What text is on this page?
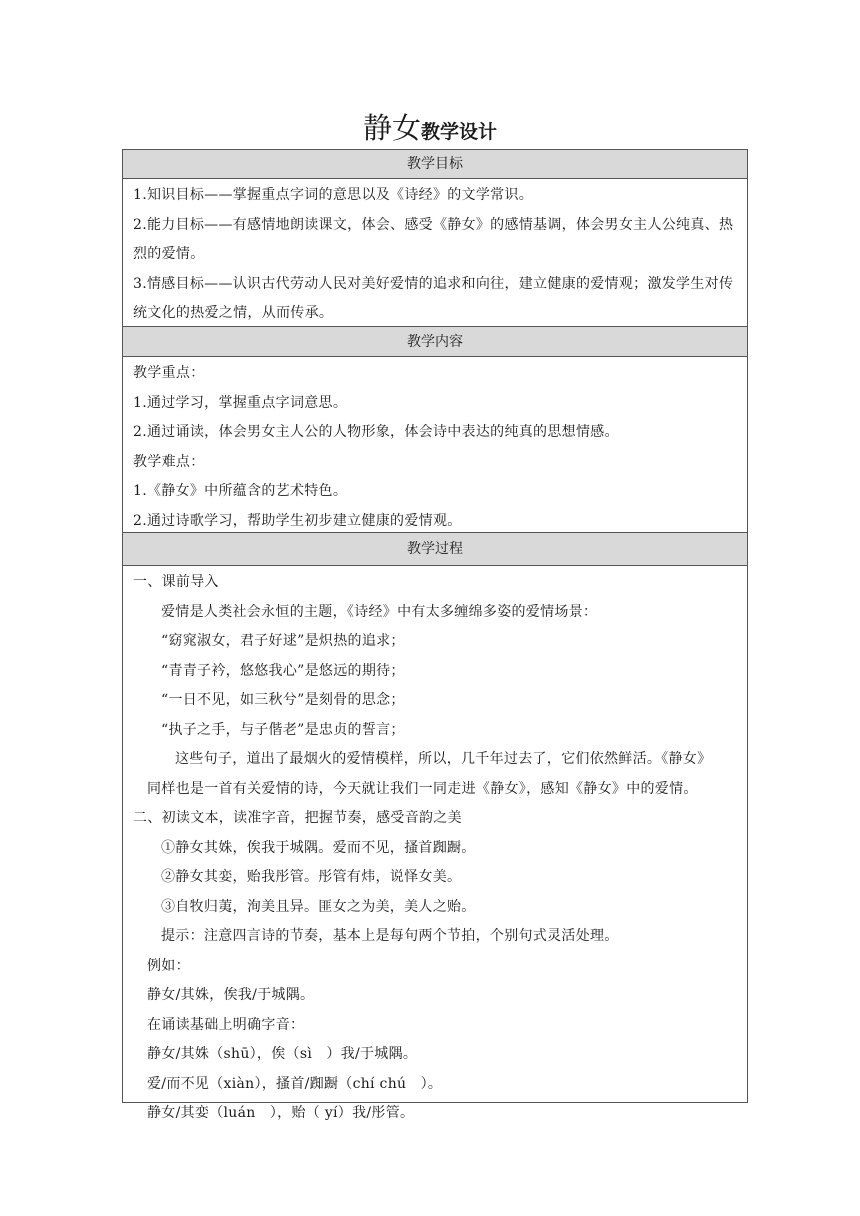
静女教学设计
教学目标
1.知识目标——掌握重点字词的意思以及《诗经》的文学常识。
2.能力目标——有感情地朗读课文，体会、感受《静女》的感情基调，体会男女主人公纯真、热烈的爱情。
3.情感目标——认识古代劳动人民对美好爱情的追求和向往，建立健康的爱情观；激发学生对传统文化的热爱之情，从而传承。
教学内容
教学重点：
1.通过学习，掌握重点字词意思。
2.通过诵读，体会男女主人公的人物形象，体会诗中表达的纯真的思想情感。
教学难点：
1.《静女》中所蕴含的艺术特色。
2.通过诗歌学习，帮助学生初步建立健康的爱情观。
教学过程
一、课前导入
爱情是人类社会永恒的主题，《诗经》中有太多缠绵多姿的爱情场景：
“窈窕淑女，君子好逑”是炽热的追求；
“青青子衿，悠悠我心”是悠远的期待；
“一日不见，如三秋兮”是刻骨的思念；
“执子之手，与子偕老”是忠贞的誓言；
这些句子，道出了最烟火的爱情模样，所以，几千年过去了，它们依然鲜活。《静女》
同样也是一首有关爱情的诗，今天就让我们一同走进《静女》，感知《静女》中的爱情。
二、初读文本，读准字音，把握节奏，感受音韵之美
①静女其姝，俟我于城隅。爱而不见，搔首踟蹰。
②静女其娈，贻我彤管。彤管有炜，说怿女美。
③自牧归荑，洵美且异。匪女之为美，美人之贻。
提示：注意四言诗的节奏，基本上是每句两个节拍，个别句式灵活处理。
例如：
静女/其姝，俟我/于城隅。
在诵读基础上明确字音：
静女/其姝（shū），俟（sì　）我/于城隅。
爱/而不见（xiàn），搔首/踟蹰（chí chú　）。
静女/其娈（luán　），贻（ yí）我/彤管。
